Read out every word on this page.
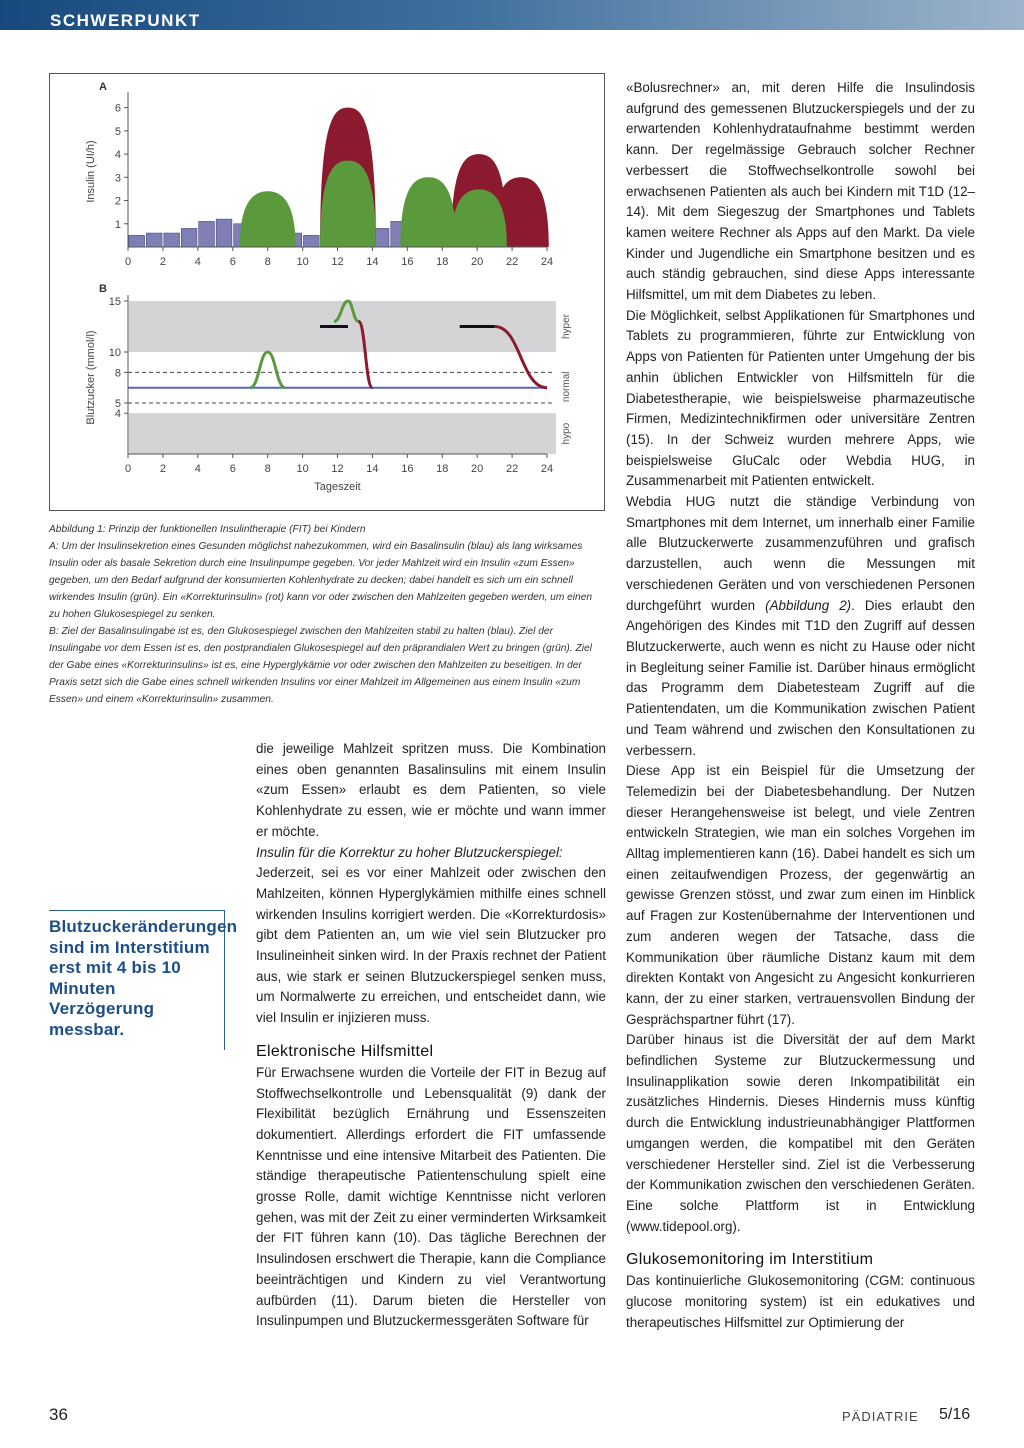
SCHWERPUNKT
A
1
2
3
4
5
6
0	2	4	6	8 10 12 14 16 18 20 22 24
Insulin (UI/h)
B
4
5
8
10
15
0	2	4	6	8 10 12 14 16 18 20 22 24
Tageszeit
Blutzucker (mmol/l)
hyper
normal
hypo

Abbildung 1: Prinzip der funktionellen Insulintherapie (FIT) bei Kindern

A: Um der Insulinsekretion eines Gesunden möglichst nahezukommen, wird ein Basalinsulin (blau) als lang wirksames Insulin oder als basale Sekretion durch eine Insulinpumpe gegeben. Vor jeder Mahlzeit wird ein Insulin «zum Essen» gegeben, um den Bedarf aufgrund der konsumierten Kohlenhydrate zu decken; dabei handelt es sich um ein schnell wirkendes Insulin (grün). Ein «Korrekturinsulin» (rot) kann vor oder zwischen den Mahlzeiten gegeben werden, um einen zu hohen Glukosespiegel zu senken.

B: Ziel der Basalinsulingabe ist es, den Glukosespiegel zwischen den Mahlzeiten stabil zu halten (blau). Ziel der Insulingabe vor dem Essen ist es, den postprandialen Glukosespiegel auf den präprandialen Wert zu bringen (grün). Ziel der Gabe eines «Korrekturinsulins» ist es, eine Hyperglykämie vor oder zwischen den Mahlzeiten zu beseitigen. In der Praxis setzt sich die Gabe eines schnell wirkenden Insulins vor einer Mahlzeit im Allgemeinen aus einem Insulin «zum Essen» und einem «Korrekturinsulin» zusammen.

Blutzuckeränderungen sind im Interstitium erst mit 4 bis 10 Minuten Verzögerung messbar.

die jeweilige Mahlzeit spritzen muss. Die Kombination eines oben genannten Basalinsulins mit einem Insulin «zum Essen» erlaubt es dem Patienten, so viele Kohlenhydrate zu essen, wie er möchte und wann immer er möchte.

Insulin für die Korrektur zu hoher Blutzuckerspiegel:
Jederzeit, sei es vor einer Mahlzeit oder zwischen den Mahlzeiten, können Hyperglykämien mithilfe eines schnell wirkenden Insulins korrigiert werden. Die «Korrekturdosis» gibt dem Patienten an, um wie viel sein Blutzucker pro Insulineinheit sinken wird. In der Praxis rechnet der Patient aus, wie stark er seinen Blutzuckerspiegel senken muss, um Normalwerte zu erreichen, und entscheidet dann, wie viel Insulin er injizieren muss.

Elektronische Hilfsmittel

Für Erwachsene wurden die Vorteile der FIT in Bezug auf Stoffwechselkontrolle und Lebensqualität (9) dank der Flexibilität bezüglich Ernährung und Essenszeiten dokumentiert. Allerdings erfordert die FIT umfassende Kenntnisse und eine intensive Mitarbeit des Patienten. Die ständige therapeutische Patientenschulung spielt eine grosse Rolle, damit wichtige Kenntnisse nicht verloren gehen, was mit der Zeit zu einer verminderten Wirksamkeit der FIT führen kann (10). Das tägliche Berechnen der Insulindosen erschwert die Therapie, kann die Compliance beeinträchtigen und Kindern zu viel Verantwortung aufbürden (11). Darum bieten die Hersteller von Insulinpumpen und Blutzuckermessgeräten Software für

«Bolusrechner» an, mit deren Hilfe die Insulindosis aufgrund des gemessenen Blutzuckerspiegels und der zu erwartenden Kohlenhydrataufnahme bestimmt werden kann. Der regelmässige Gebrauch solcher Rechner verbessert die Stoffwechselkontrolle sowohl bei erwachsenen Patienten als auch bei Kindern mit T1D (12–14). Mit dem Siegeszug der Smartphones und Tablets kamen weitere Rechner als Apps auf den Markt. Da viele Kinder und Jugendliche ein Smartphone besitzen und es auch ständig gebrauchen, sind diese Apps interessante Hilfsmittel, um mit dem Diabetes zu leben.

Die Möglichkeit, selbst Applikationen für Smartphones und Tablets zu programmieren, führte zur Entwicklung von Apps von Patienten für Patienten unter Umgehung der bis anhin üblichen Entwickler von Hilfsmitteln für die Diabetestherapie, wie beispielsweise pharmazeutische Firmen, Medizintechnikfirmen oder universitäre Zentren (15). In der Schweiz wurden mehrere Apps, wie beispielsweise GluCalc oder Webdia HUG, in Zusammenarbeit mit Patienten entwickelt.

Webdia HUG nutzt die ständige Verbindung von Smartphones mit dem Internet, um innerhalb einer Familie alle Blutzuckerwerte zusammenzuführen und grafisch darzustellen, auch wenn die Messungen mit verschiedenen Geräten und von verschiedenen Personen durchgeführt wurden (Abbildung 2). Dies erlaubt den Angehörigen des Kindes mit T1D den Zugriff auf dessen Blutzuckerwerte, auch wenn es nicht zu Hause oder nicht in Begleitung seiner Familie ist. Darüber hinaus ermöglicht das Programm dem Diabetesteam Zugriff auf die Patientendaten, um die Kommunikation zwischen Patient und Team während und zwischen den Konsultationen zu verbessern.

Diese App ist ein Beispiel für die Umsetzung der Telemedizin bei der Diabetesbehandlung. Der Nutzen dieser Herangehensweise ist belegt, und viele Zentren entwickeln Strategien, wie man ein solches Vorgehen im Alltag implementieren kann (16). Dabei handelt es sich um einen zeitaufwendigen Prozess, der gegenwärtig an gewisse Grenzen stösst, und zwar zum einen im Hinblick auf Fragen zur Kostenübernahme der Interventionen und zum anderen wegen der Tatsache, dass die Kommunikation über räumliche Distanz kaum mit dem direkten Kontakt von Angesicht zu Angesicht konkurrieren kann, der zu einer starken, vertrauensvollen Bindung der Gesprächspartner führt (17).

Darüber hinaus ist die Diversität der auf dem Markt befindlichen Systeme zur Blutzuckermessung und Insulinapplikation sowie deren Inkompatibilität ein zusätzliches Hindernis. Dieses Hindernis muss künftig durch die Entwicklung industrieunabhängiger Plattformen umgangen werden, die kompatibel mit den Geräten verschiedener Hersteller sind. Ziel ist die Verbesserung der Kommunikation zwischen den verschiedenen Geräten. Eine solche Plattform ist in Entwicklung (www.tidepool.org).

Glukosemonitoring im Interstitium

Das kontinuierliche Glukosemonitoring (CGM: continuous glucose monitoring system) ist ein edukatives und therapeutisches Hilfsmittel zur Optimierung der

36	PÄDIATRIE 5/16
